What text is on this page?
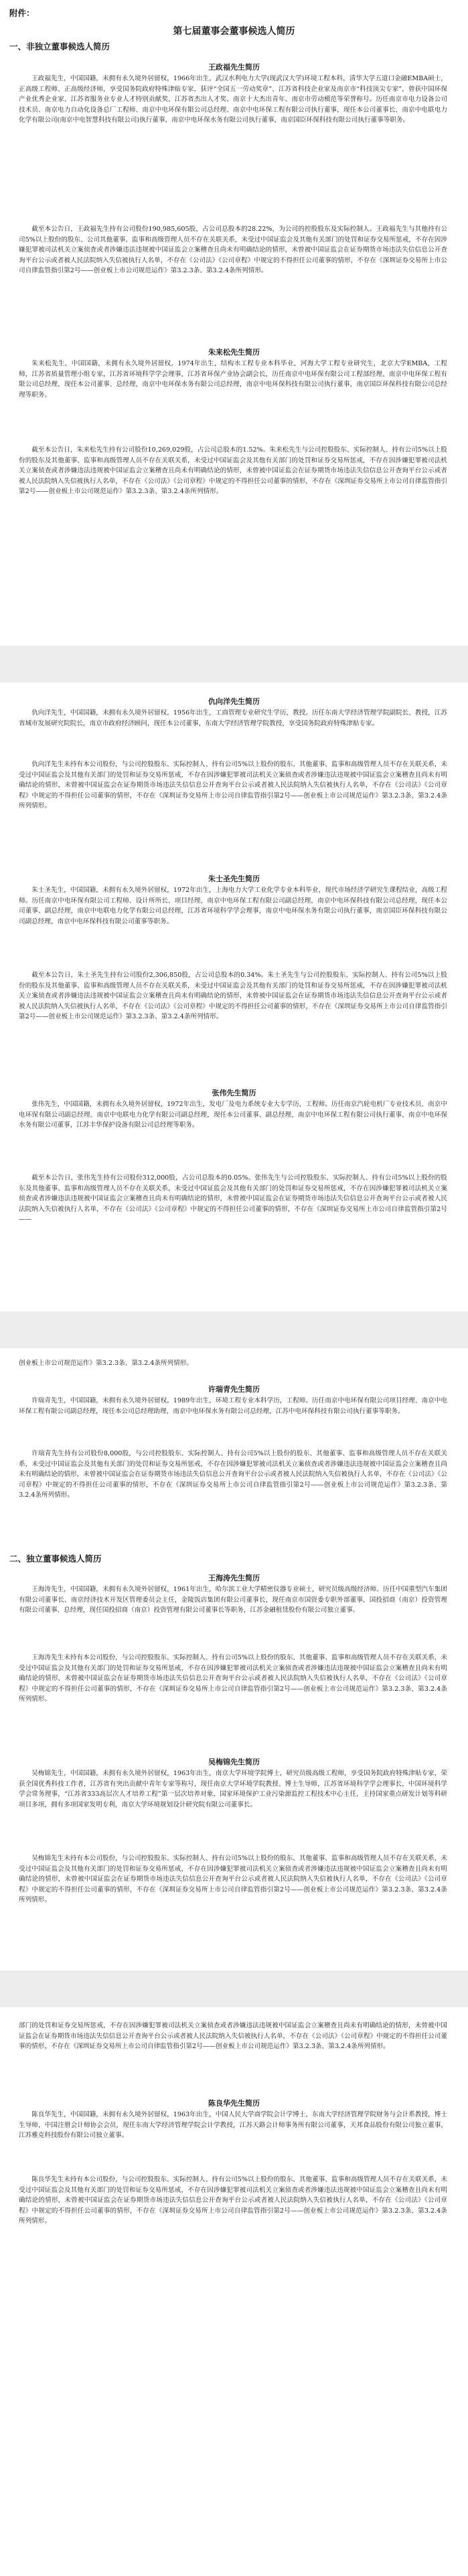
附件：

第七届董事会董事候选人简历

一、非独立董事候选人简历

王政福先生简历

王政福先生，中国国籍，未拥有永久境外居留权，1966年出生，武汉水利电力大学(现武汉大学)环境工程本科，清华大学五道口金融EMBA硕士，正高级工程师、正高级经济师，享受国务院政府特殊津贴专家，获评“全国五一劳动奖章”、江苏省科技企业家及南京市“科技顶尖专家”，曾获中国环保产业优秀企业家、江苏省服务业专业人才特别贡献奖、江苏省杰出人才奖、南京十大杰出青年、南京市劳动模范等荣誉称号。历任南京市电力设备公司技术员、南京电力自动化设备总厂工程师、南京中电环保有限公司总经理、南京中电环保工程有限公司执行董事，现任本公司董事长、南京中电联电力化学有限公司(南京中电智慧科技有限公司)执行董事，南京中电环保水务有限公司执行董事，南京国臣环保科技有限公司执行董事等职务。

截至本公告日，王政福先生持有公司股份190,985,605股，占公司总股本的28.22%，为公司的控股股东及实际控制人。王政福先生与其他持有公司5%以上股份的股东、公司其他董事、监事和高级管理人员不存在关联关系，未受过中国证监会及其他有关部门的处罚和证券交易所惩戒，不存在因涉嫌犯罪被司法机关立案侦查或者涉嫌违法违规被中国证监会立案稽查且尚未有明确结论的情形，未曾被中国证监会在证券期货市场违法失信信息公开查询平台公示或者被人民法院纳入失信被执行人名单，不存在《公司法》《公司章程》中规定的不得担任公司董事的情形，不存在《深圳证券交易所上市公司自律监管指引第2号——创业板上市公司规范运作》第3.2.3条、第3.2.4条所列情形。

朱来松先生简历

朱来松先生，中国国籍，未拥有永久境外居留权，1974年出生，结构水工程专业本科毕业，河海大学工程专业研究生，北京大学EMBA，工程师，江苏省质量管理小组专家，江苏省环境科学学会理事，江苏省环保产业协会副会长，历任南京中电环保有限公司工程部经理、南京中电环保工程有限公司总经理，现任本公司董事、总经理，南京中电环保水务有限公司总经理，南京中电环保科技有限公司执行董事，南京国臣环保科技有限公司总经理等职务。

截至本公告日，朱来松先生持有公司股份10,269,029股，占公司总股本的1.52%。朱来松先生与公司控股股东、实际控制人、持有公司5%以上股份的股东及其他董事、监事和高级管理人员不存在关联关系，未受过中国证监会及其他有关部门的处罚和证券交易所惩戒，不存在因涉嫌犯罪被司法机关立案侦查或者涉嫌违法违规被中国证监会立案稽查且尚未有明确结论的情形，未曾被中国证监会在证券期货市场违法失信信息公开查询平台公示或者被人民法院纳入失信被执行人名单，不存在《公司法》《公司章程》中规定的不得担任公司董事的情形，不存在《深圳证券交易所上市公司自律监管指引第2号——创业板上市公司规范运作》第3.2.3条、第3.2.4条所列情形。

仇向洋先生简历

仇向洋先生，中国国籍，未拥有永久境外居留权，1956年出生，工商管理专业研究生学历，教授。历任东南大学经济管理学院副院长、教授，江苏省城市发展研究院院长，南京市政府经济顾问，现任本公司董事，东南大学经济管理学院教授，享受国务院政府特殊津贴专家。

仇向洋先生未持有本公司股份，与公司控股股东、实际控制人、持有公司5%以上股份的股东、其他董事、监事和高级管理人员不存在关联关系，未受过中国证监会及其他有关部门的处罚和证券交易所惩戒，不存在因涉嫌犯罪被司法机关立案侦查或者涉嫌违法违规被中国证监会立案稽查且尚未有明确结论的情形，未曾被中国证监会在证券期货市场违法失信信息公开查询平台公示或者被人民法院纳入失信被执行人名单，不存在《公司法》《公司章程》中规定的不得担任公司董事的情形，不存在《深圳证券交易所上市公司自律监管指引第2号——创业板上市公司规范运作》第3.2.3条、第3.2.4条所列情形。

朱士圣先生简历

朱士圣先生，中国国籍，未拥有永久境外居留权，1972年出生，上海电力大学工业化学专业本科毕业，现代市场经济学研究生课程结业，高级工程师。历任南京中电环保有限公司工程师、设计所所长、项目经理，南京中电环保工程有限公司副总经理，南京中电环保科技有限公司总经理，现任本公司董事、副总经理，南京中电联电力化学有限公司总经理，江苏省环境科学学会理事，南京中电环保水务有限公司执行董事，南京国臣环保科技有限公司副总经理，南京中电环保科技有限公司董事等职务。

截至本公告日，朱士圣先生持有公司股份2,306,850股，占公司总股本的0.34%。朱士圣先生与公司控股股东、实际控制人、持有公司5%以上股份的股东及其他董事、监事和高级管理人员不存在关联关系，未受过中国证监会及其他有关部门的处罚和证券交易所惩戒，不存在因涉嫌犯罪被司法机关立案侦查或者涉嫌违法违规被中国证监会立案稽查且尚未有明确结论的情形，未曾被中国证监会在证券期货市场违法失信信息公开查询平台公示或者被人民法院纳入失信被执行人名单，不存在《公司法》《公司章程》中规定的不得担任公司董事的情形，不存在《深圳证券交易所上市公司自律监管指引第2号——创业板上市公司规范运作》第3.2.3条、第3.2.4条所列情形。

张伟先生简历

张伟先生，中国国籍，未拥有永久境外居留权，1972年出生，发电厂及电力系统专业大专学历，工程师。历任南京汽轮电机厂专业技术员、南京中电环保有限公司副总经理、南京中电联电力化学有限公司副总经理，现任本公司董事、副总经理，南京中电环保工程有限公司执行董事，南京中电环保水务有限公司董事，江苏丰华保护设备有限公司总经理等职务。

截至本公告日，张伟先生持有公司股份312,000股，占公司总股本的0.05%。张伟先生与公司控股股东、实际控制人、持有公司5%以上股份的股东及其他董事、监事和高级管理人员不存在关联关系，未受过中国证监会及其他有关部门的处罚和证券交易所惩戒，不存在因涉嫌犯罪被司法机关立案侦查或者涉嫌违法违规被中国证监会立案稽查且尚未有明确结论的情形，未曾被中国证监会在证券期货市场违法失信信息公开查询平台公示或者被人民法院纳入失信被执行人名单，不存在《公司法》《公司章程》中规定的不得担任公司董事的情形，不存在《深圳证券交易所上市公司自律监管指引第2号——

创业板上市公司规范运作》第3.2.3条、第3.2.4条所列情形。

许瑞青先生简历

许瑞青先生，中国国籍，未拥有永久境外居留权，1989年出生，环境工程专业本科学历，工程师。历任南京中电环保有限公司项目经理、南京中电环保工程有限公司副总经理，现任本公司总经理助理，南京中电环保水务有限公司总经理，江苏中电环保科技有限公司执行董事等职务。

许瑞青先生持有公司股份8,000股，与公司控股股东、实际控制人、持有公司5%以上股份的股东、其他董事、监事和高级管理人员不存在关联关系，未受过中国证监会及其他有关部门的处罚和证券交易所惩戒，不存在因涉嫌犯罪被司法机关立案侦查或者涉嫌违法违规被中国证监会立案稽查且尚未有明确结论的情形，未曾被中国证监会在证券期货市场违法失信信息公开查询平台公示或者被人民法院纳入失信被执行人名单，不存在《公司法》《公司章程》中规定的不得担任公司董事的情形，不存在《深圳证券交易所上市公司自律监管指引第2号——创业板上市公司规范运作》第3.2.3条、第3.2.4条所列情形。

二、独立董事候选人简历

王海涛先生简历

王海涛先生，中国国籍，未拥有永久境外居留权，1961年出生，哈尔滨工业大学精密仪器专业硕士，研究员级高级经济师。历任中国重型汽车集团有限公司董事长、南京经济技术开发区管理委员会主任，金陵饭店集团有限公司董事长，现任南京市国资委专职外部董事，国投招商（南京）投资管理有限公司董事、总经理，现任国投招商（南京）投资管理有限公司董事长等职务，江苏金融租赁股份有限公司独立董事。

王海涛先生未持有本公司股份，与公司控股股东、实际控制人、持有公司5%以上股份的股东、其他董事、监事和高级管理人员不存在关联关系，未受过中国证监会及其他有关部门的处罚和证券交易所惩戒，不存在因涉嫌犯罪被司法机关立案侦查或者涉嫌违法违规被中国证监会立案稽查且尚未有明确结论的情形，未曾被中国证监会在证券期货市场违法失信信息公开查询平台公示或者被人民法院纳入失信被执行人名单，不存在《公司法》《公司章程》中规定的不得担任公司董事的情形，不存在《深圳证券交易所上市公司自律监管指引第2号——创业板上市公司规范运作》第3.2.3条、第3.2.4条所列情形。

吴梅锦先生简历

吴梅锦先生，中国国籍，未拥有永久境外居留权，1963年出生，南京大学环境学院博士，研究员级高级工程师，享受国务院政府特殊津贴专家，荣获全国优秀科技工作者，江苏省有突出贡献中青年专家等称号，现任南京大学环境学院教授、博士生导师，江苏省环境科学学会理事长，中国环境科学学会常务理事，“江苏省333高层次人才培养工程”第一层次培养对象，国家环境保护工业污染源监控工程技术中心主任，主持国家重点研发计划等科研项目多项，拥有多项国家发明专利，南京大学环境规划设计研究院有限公司董事长。

吴梅锦先生未持有本公司股份，与公司控股股东、实际控制人、持有公司5%以上股份的股东、其他董事、监事和高级管理人员不存在关联关系，未受过中国证监会及其他有关部门的处罚和证券交易所惩戒，不存在因涉嫌犯罪被司法机关立案侦查或者涉嫌违法违规被中国证监会立案稽查且尚未有明确结论的情形，未曾被中国证监会在证券期货市场违法失信信息公开查询平台公示或者被人民法院纳入失信被执行人名单，不存在《公司法》《公司章程》中规定的不得担任公司董事的情形，不存在《深圳证券交易所上市公司自律监管指引第2号——创业板上市公司规范运作》第3.2.3条、第3.2.4条所列情形。

部门的处罚和证券交易所惩戒，不存在因涉嫌犯罪被司法机关立案侦查或者涉嫌违法违规被中国证监会立案稽查且尚未有明确结论的情形，未曾被中国证监会在证券期货市场违法失信信息公开查询平台公示或者被人民法院纳入失信被执行人名单，不存在《公司法》《公司章程》中规定的不得担任公司董事的情形，不存在《深圳证券交易所上市公司自律监管指引第2号——创业板上市公司规范运作》第3.2.3条、第3.2.4条所列情形。

陈良华先生简历

陈良华先生，中国国籍，未拥有永久境外居留权，1963年出生，中国人民大学商学院会计学博士，东南大学经济管理学院财务与会计系教授，博士生导师，中国注册会计师协会会员，现任东南大学经济管理学院会计学教授，江苏天路会计师事务所有限公司董事，天邦食品股份有限公司独立董事，江苏雅克科技股份有限公司独立董事。

陈良华先生未持有本公司股份，与公司控股股东、实际控制人、持有公司5%以上股份的股东、其他董事、监事和高级管理人员不存在关联关系，未受过中国证监会及其他有关部门的处罚和证券交易所惩戒，不存在因涉嫌犯罪被司法机关立案侦查或者涉嫌违法违规被中国证监会立案稽查且尚未有明确结论的情形，未曾被中国证监会在证券期货市场违法失信信息公开查询平台公示或者被人民法院纳入失信被执行人名单，不存在《公司法》《公司章程》中规定的不得担任公司董事的情形，不存在《深圳证券交易所上市公司自律监管指引第2号——创业板上市公司规范运作》第3.2.3条、第3.2.4条所列情形。
